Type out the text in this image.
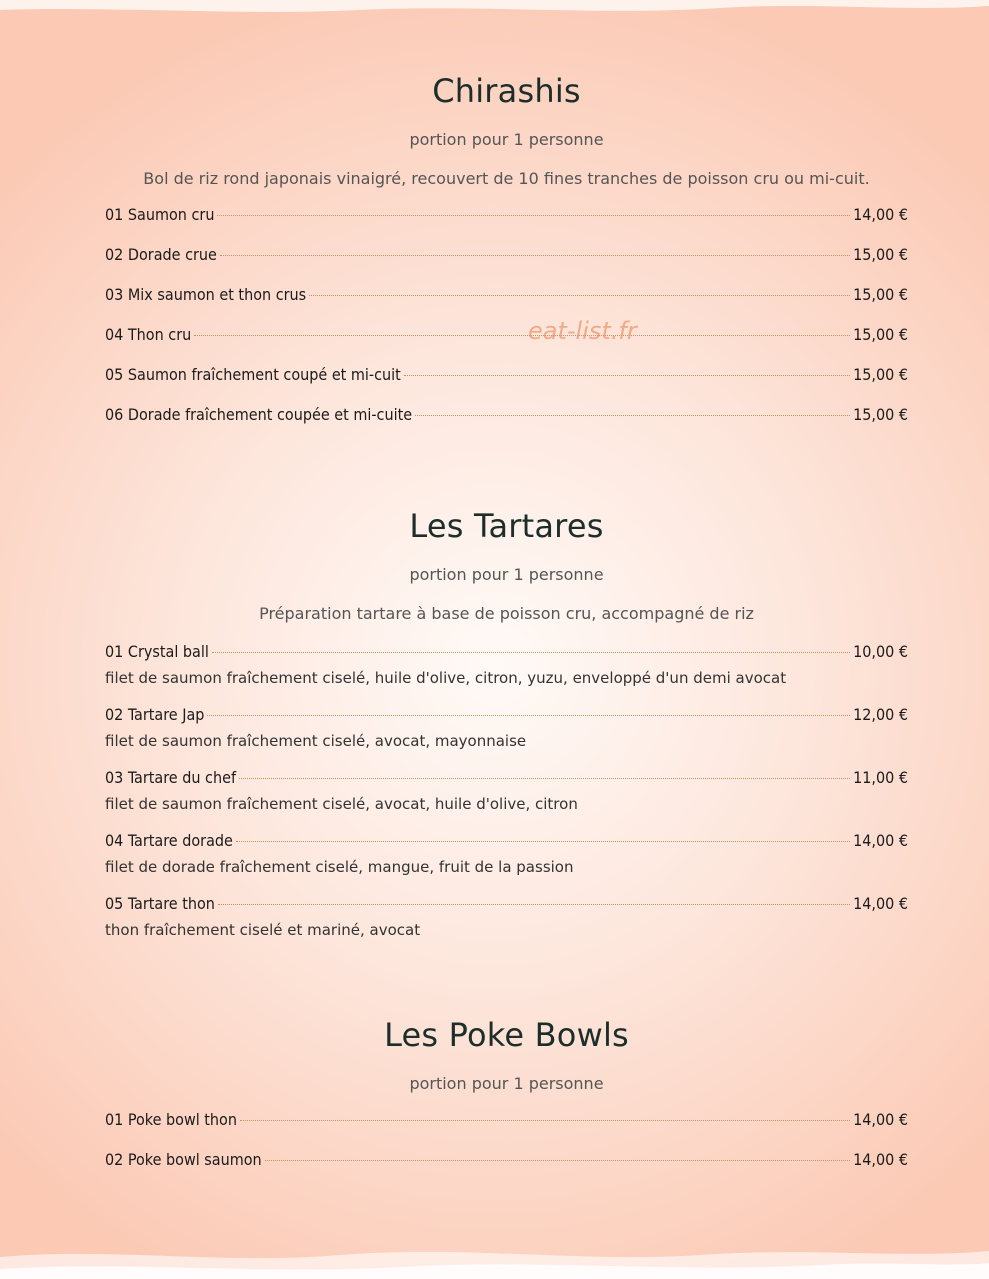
eat-list.fr
Chirashis
portion pour 1 personne
Bol de riz rond japonais vinaigré, recouvert de 10 fines tranches de poisson cru ou mi-cuit.
01 Saumon cru	14,00 €
02 Dorade crue	15,00 €
03 Mix saumon et thon crus	15,00 €
04 Thon cru	15,00 €
05 Saumon fraîchement coupé et mi-cuit	15,00 €
06 Dorade fraîchement coupée et mi-cuite	15,00 €
Les Tartares
portion pour 1 personne
Préparation tartare à base de poisson cru, accompagné de riz
01 Crystal ball	10,00 €
filet de saumon fraîchement ciselé, huile d'olive, citron, yuzu, enveloppé d'un demi avocat
02 Tartare Jap	12,00 €
filet de saumon fraîchement ciselé, avocat, mayonnaise
03 Tartare du chef	11,00 €
filet de saumon fraîchement ciselé, avocat, huile d'olive, citron
04 Tartare dorade	14,00 €
filet de dorade fraîchement ciselé, mangue, fruit de la passion
05 Tartare thon	14,00 €
thon fraîchement ciselé et mariné, avocat
Les Poke Bowls
portion pour 1 personne
01 Poke bowl thon	14,00 €
02 Poke bowl saumon	14,00 €
